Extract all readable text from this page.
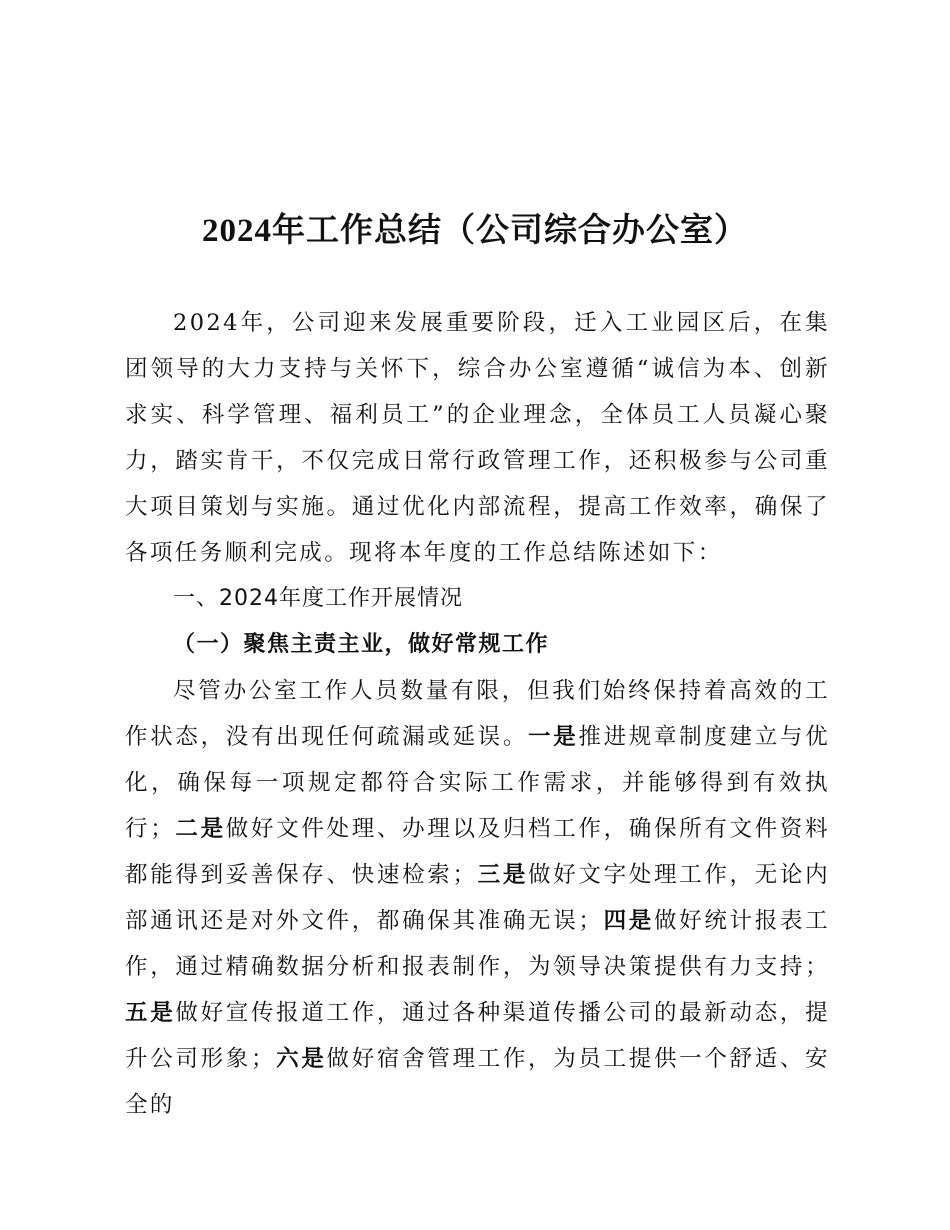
2024年工作总结（公司综合办公室）

2024年，公司迎来发展重要阶段，迁入工业园区后，在集团领导的大力支持与关怀下，综合办公室遵循“诚信为本、创新求实、科学管理、福利员工”的企业理念，全体员工人员凝心聚力，踏实肯干，不仅完成日常行政管理工作，还积极参与公司重大项目策划与实施。通过优化内部流程，提高工作效率，确保了各项任务顺利完成。现将本年度的工作总结陈述如下：

一、2024年度工作开展情况

（一）聚焦主责主业，做好常规工作

尽管办公室工作人员数量有限，但我们始终保持着高效的工作状态，没有出现任何疏漏或延误。一是推进规章制度建立与优化，确保每一项规定都符合实际工作需求，并能够得到有效执行；二是做好文件处理、办理以及归档工作，确保所有文件资料都能得到妥善保存、快速检索；三是做好文字处理工作，无论内部通讯还是对外文件，都确保其准确无误；四是做好统计报表工作，通过精确数据分析和报表制作，为领导决策提供有力支持；五是做好宣传报道工作，通过各种渠道传播公司的最新动态，提升公司形象；六是做好宿舍管理工作，为员工提供一个舒适、安全的
